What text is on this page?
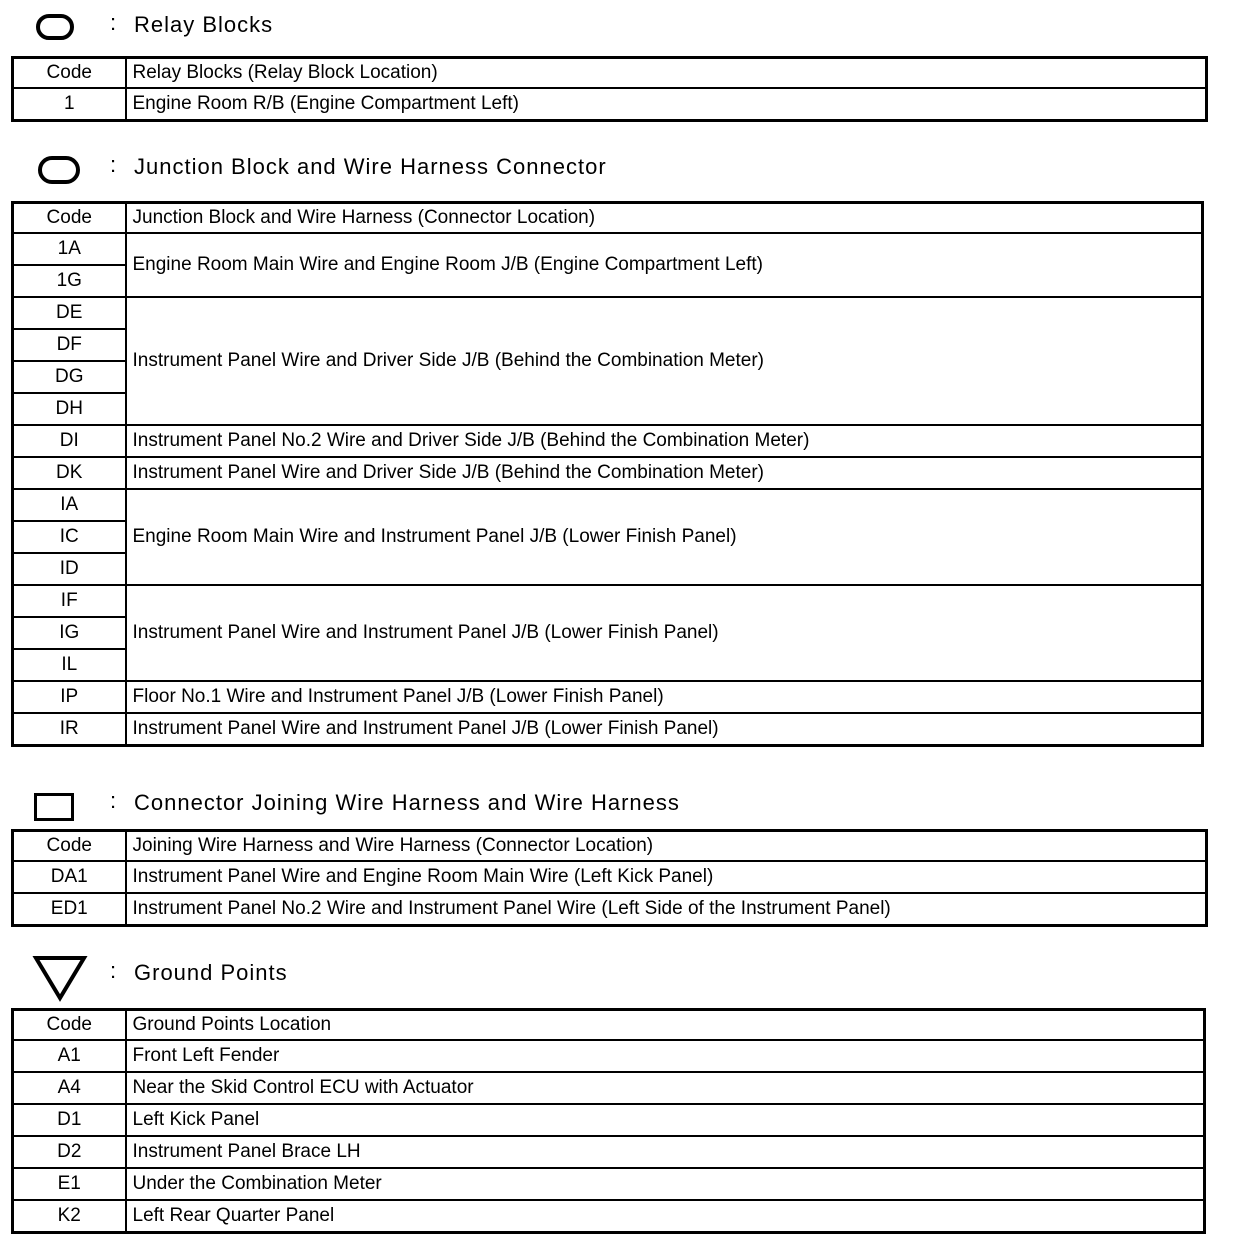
: Relay Blocks
Code	Relay Blocks (Relay Block Location)
1	Engine Room R/B (Engine Compartment Left)
: Junction Block and Wire Harness Connector
Code	Junction Block and Wire Harness (Connector Location)
1A	Engine Room Main Wire and Engine Room J/B (Engine Compartment Left)
1G	
DE	Instrument Panel Wire and Driver Side J/B (Behind the Combination Meter)
DF	
DG	
DH	
DI	Instrument Panel No.2 Wire and Driver Side J/B (Behind the Combination Meter)
DK	Instrument Panel Wire and Driver Side J/B (Behind the Combination Meter)
IA	Engine Room Main Wire and Instrument Panel J/B (Lower Finish Panel)
IC	
ID	
IF	Instrument Panel Wire and Instrument Panel J/B (Lower Finish Panel)
IG	
IL	
IP	Floor No.1 Wire and Instrument Panel J/B (Lower Finish Panel)
IR	Instrument Panel Wire and Instrument Panel J/B (Lower Finish Panel)
: Connector Joining Wire Harness and Wire Harness
Code	Joining Wire Harness and Wire Harness (Connector Location)
DA1	Instrument Panel Wire and Engine Room Main Wire (Left Kick Panel)
ED1	Instrument Panel No.2 Wire and Instrument Panel Wire (Left Side of the Instrument Panel)
: Ground Points
Code	Ground Points Location
A1	Front Left Fender
A4	Near the Skid Control ECU with Actuator
D1	Left Kick Panel
D2	Instrument Panel Brace LH
E1	Under the Combination Meter
K2	Left Rear Quarter Panel
